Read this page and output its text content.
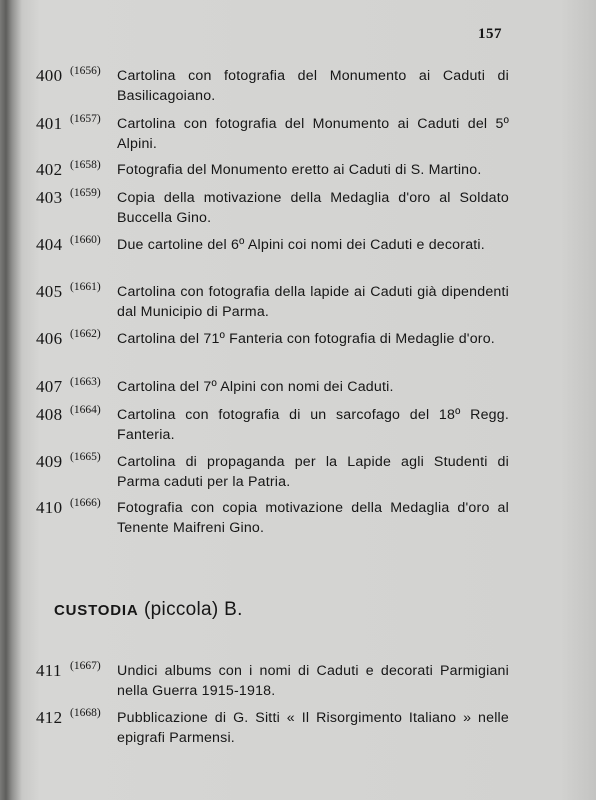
157
400 (1656) Cartolina con fotografia del Monumento ai Caduti di Basilicagoiano.
401 (1657) Cartolina con fotografia del Monumento ai Caduti del 5º Alpini.
402 (1658) Fotografia del Monumento eretto ai Caduti di S. Martino.
403 (1659) Copia della motivazione della Medaglia d'oro al Soldato Buccella Gino.
404 (1660) Due cartoline del 6º Alpini coi nomi dei Caduti e decorati.
405 (1661) Cartolina con fotografia della lapide ai Caduti già dipendenti dal Municipio di Parma.
406 (1662) Cartolina del 71º Fanteria con fotografia di Medaglie d'oro.
407 (1663) Cartolina del 7º Alpini con nomi dei Caduti.
408 (1664) Cartolina con fotografia di un sarcofago del 18º Regg. Fanteria.
409 (1665) Cartolina di propaganda per la Lapide agli Studenti di Parma caduti per la Patria.
410 (1666) Fotografia con copia motivazione della Medaglia d'oro al Tenente Maifreni Gino.
CUSTODIA (piccola) B.
411 (1667) Undici albums con i nomi di Caduti e decorati Parmigiani nella Guerra 1915-1918.
412 (1668) Pubblicazione di G. Sitti « Il Risorgimento Italiano » nelle epigrafi Parmensi.
